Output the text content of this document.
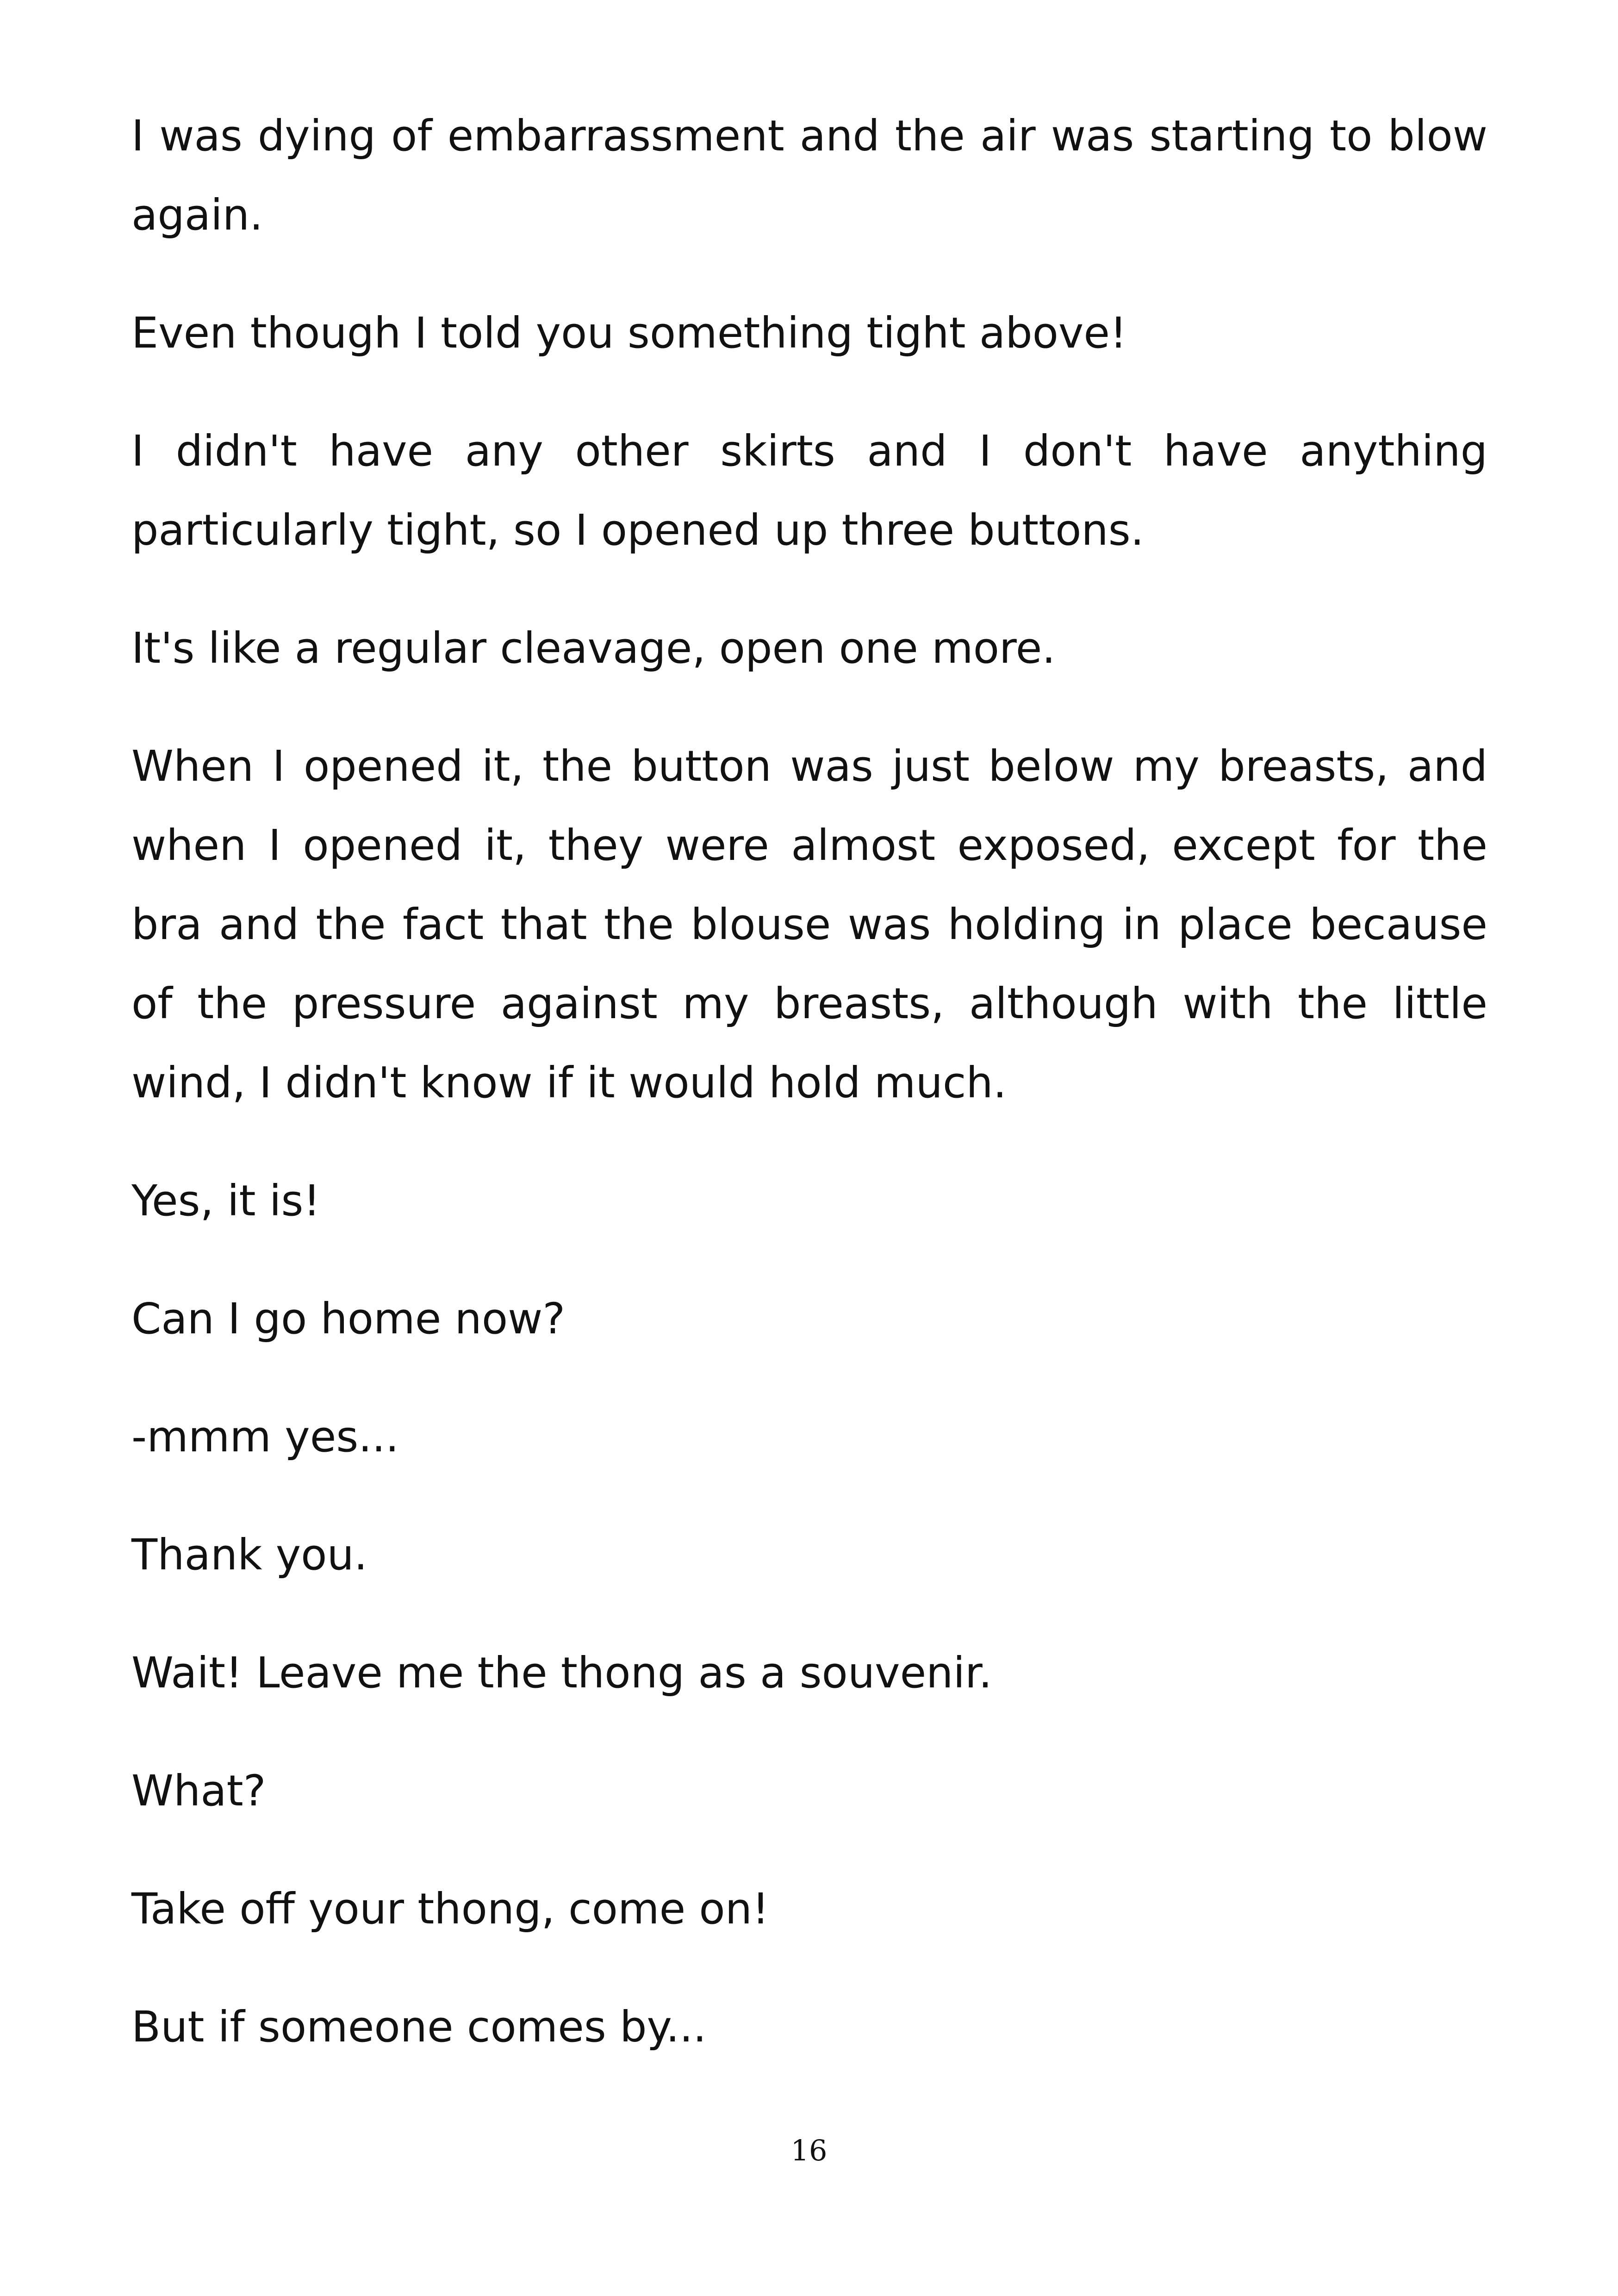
I was dying of embarrassment and the air was starting to blow again.

Even though I told you something tight above!

I didn't have any other skirts and I don't have anything particularly tight, so I opened up three buttons.

It's like a regular cleavage, open one more.

When I opened it, the button was just below my breasts, and when I opened it, they were almost exposed, except for the bra and the fact that the blouse was holding in place because of the pressure against my breasts, although with the little wind, I didn't know if it would hold much.

Yes, it is!

Can I go home now?

-mmm yes...

Thank you.

Wait! Leave me the thong as a souvenir.

What?

Take off your thong, come on!

But if someone comes by...

16
